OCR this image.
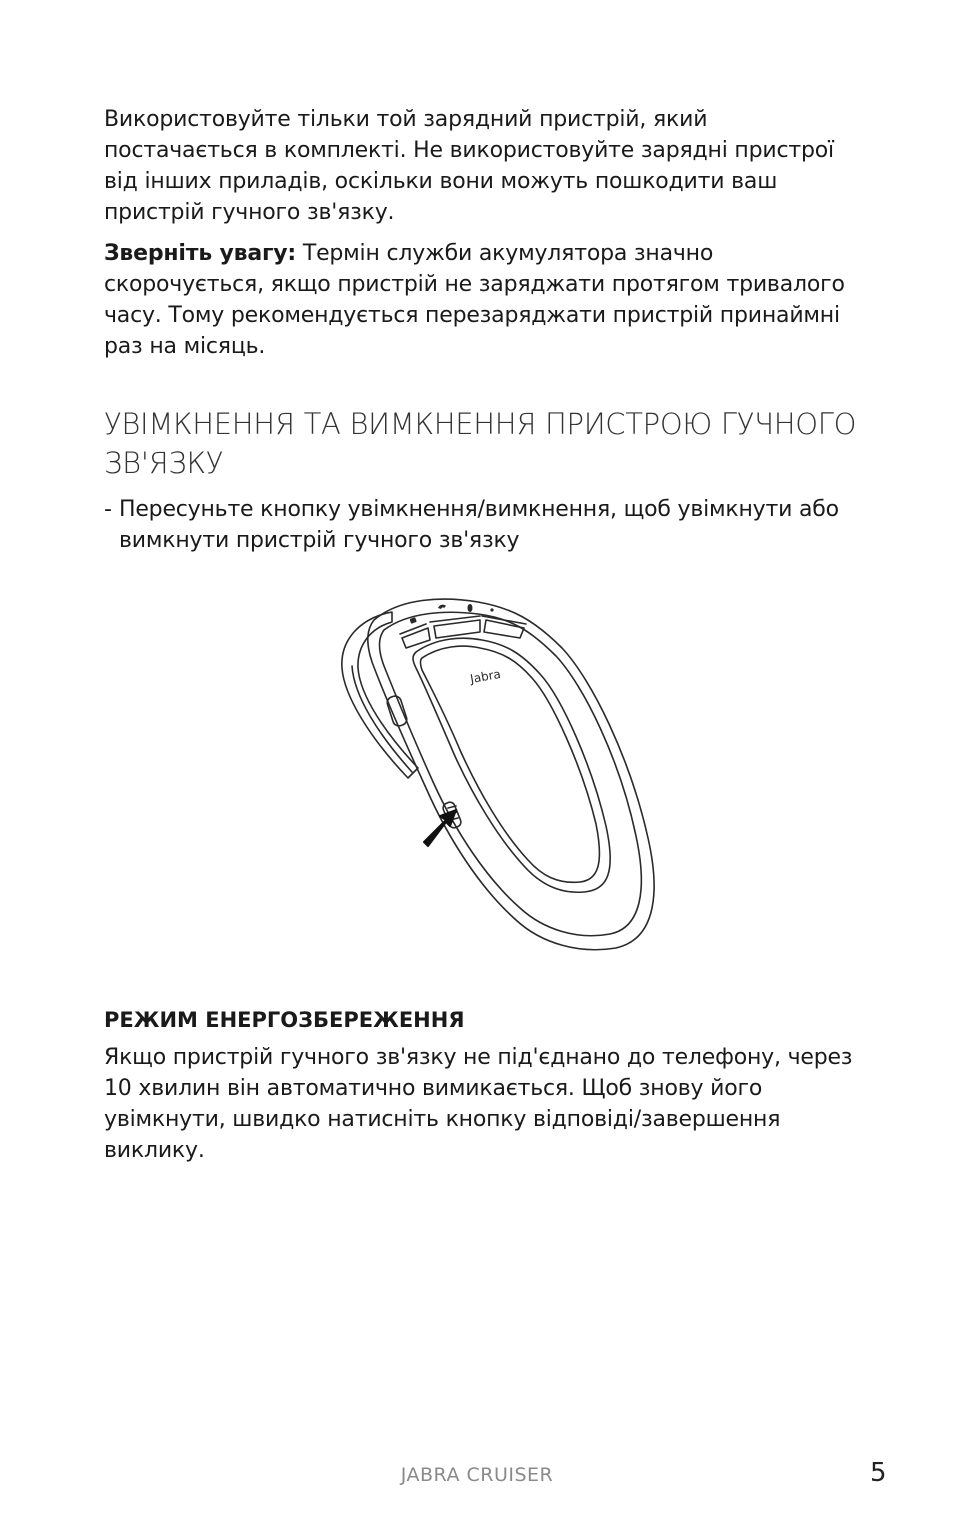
Використовуйте тільки той зарядний пристрій, який постачається в комплекті. Не використовуйте зарядні пристрої від інших приладів, оскільки вони можуть пошкодити ваш пристрій гучного зв'язку.

Зверніть увагу: Термін служби акумулятора значно скорочується, якщо пристрій не заряджати протягом тривалого часу. Тому рекомендується перезаряджати пристрій принаймні раз на місяць.

УВІМКНЕННЯ ТА ВИМКНЕННЯ ПРИСТРОЮ ГУЧНОГО ЗВ'ЯЗКУ

- Пересуньте кнопку увімкнення/вимкнення, щоб увімкнути або вимкнути пристрій гучного зв'язку

Jabra
РЕЖИМ ЕНЕРГОЗБЕРЕЖЕННЯ

Якщо пристрій гучного зв'язку не під'єднано до телефону, через 10 хвилин він автоматично вимикається. Щоб знову його увімкнути, швидко натисніть кнопку відповіді/завершення виклику.

JABRA CRUISER	5
